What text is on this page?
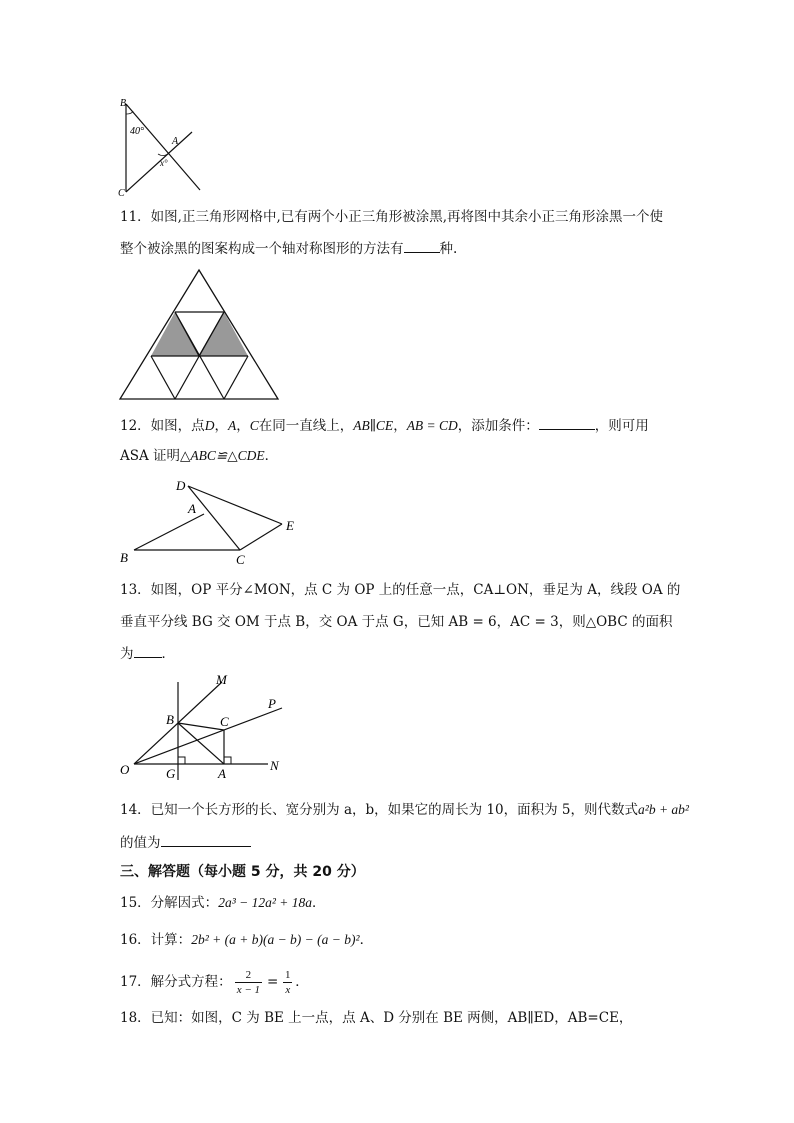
B
C
A
40°
x°
11．如图,正三角形网格中,已有两个小正三角形被涂黑,再将图中其余小正三角形涂黑一个使
整个被涂黑的图案构成一个轴对称图形的方法有	种.
12．如图，点D，A，C在同一直线上，AB∥CE，AB = CD，添加条件：	，则可用
ASA 证明△ABC≌△CDE．
D
A
E
B	C
13．如图，OP 平分∠MON，点 C 为 OP 上的任意一点，CA⊥ON，垂足为 A，线段 OA 的
垂直平分线 BG 交 OM 于点 B，交 OA 于点 G，已知 AB = 6，AC = 3，则△OBC 的面积
为 ．
M
P
B	C
O	G	A
N
14．已知一个长方形的长、宽分别为 a，b，如果它的周长为 10，面积为 5，则代数式a²b + ab²
的值为
三、解答题（每小题 5 分，共 20 分）
15．分解因式：2a³ − 12a² + 18a．
16．计算：2b² + (a + b)(a − b) − (a − b)²．
17．解分式方程： $\frac{2}{x - 1} = \frac{1}{x}$ ．
18．已知：如图，C 为 BE 上一点，点 A、D 分别在 BE 两侧，AB∥ED，AB=CE，
